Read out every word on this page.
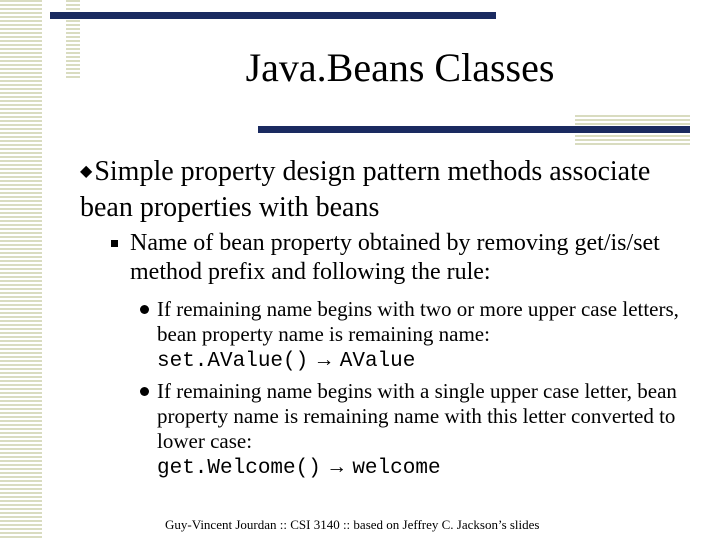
Java.Beans Classes
◆Simple property design pattern methods associate bean properties with beans
Name of bean property obtained by removing get/is/set method prefix and following the rule:
If remaining name begins with two or more upper case letters, bean property name is remaining name:
set.AValue() → AValue
If remaining name begins with a single upper case letter, bean property name is remaining name with this letter converted to lower case:
get.Welcome() → welcome
Guy-Vincent Jourdan :: CSI 3140 :: based on Jeffrey C. Jackson’s slides
